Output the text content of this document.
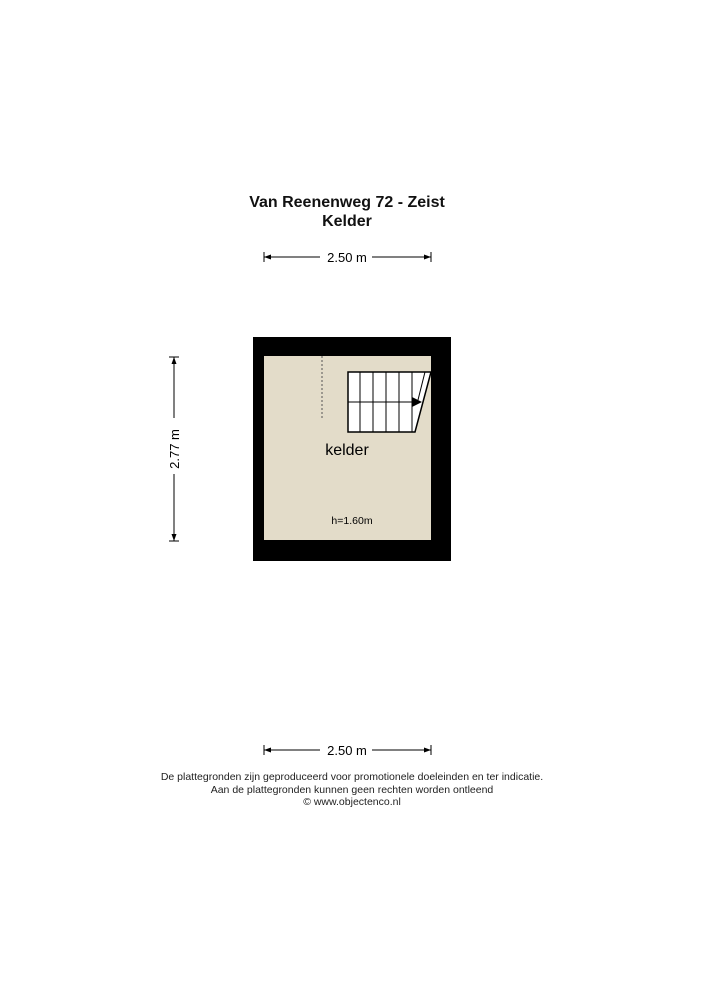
Van Reenenweg 72 - Zeist
Kelder
2.50 m
2.77 m	kelder
h=1.60m
2.50 m
De plattegronden zijn geproduceerd voor promotionele doeleinden en ter indicatie.
Aan de plattegronden kunnen geen rechten worden ontleend
© www.objectenco.nl
